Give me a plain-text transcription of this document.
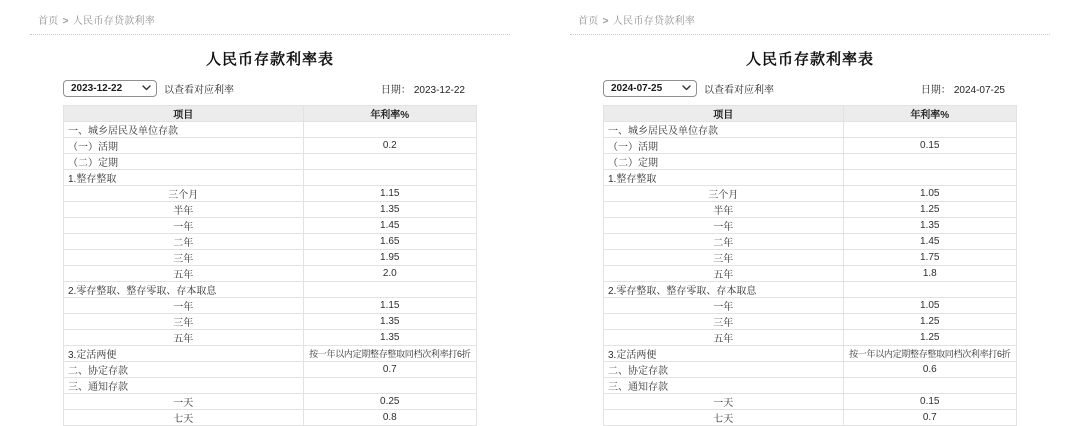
首页 > 人民币存贷款利率
人民币存款利率表
2023-12-22	以查看对应利率	日期： 2023-12-22
项目	年利率%
一、城乡居民及单位存款	
（一）活期	0.2
（二）定期	
1.整存整取	
三个月	1.15
半年	1.35
一年	1.45
二年	1.65
三年	1.95
五年	2.0
2.零存整取、整存零取、存本取息	
一年	1.15
三年	1.35
五年	1.35
3.定活两便	按一年以内定期整存整取同档次利率打6折
二、协定存款	0.7
三、通知存款	
一天	0.25
七天	0.8
首页 > 人民币存贷款利率
人民币存款利率表
2024-07-25	以查看对应利率	日期： 2024-07-25
项目	年利率%
一、城乡居民及单位存款	
（一）活期	0.15
（二）定期	
1.整存整取	
三个月	1.05
半年	1.25
一年	1.35
二年	1.45
三年	1.75
五年	1.8
2.零存整取、整存零取、存本取息	
一年	1.05
三年	1.25
五年	1.25
3.定活两便	按一年以内定期整存整取同档次利率打6折
二、协定存款	0.6
三、通知存款	
一天	0.15
七天	0.7
